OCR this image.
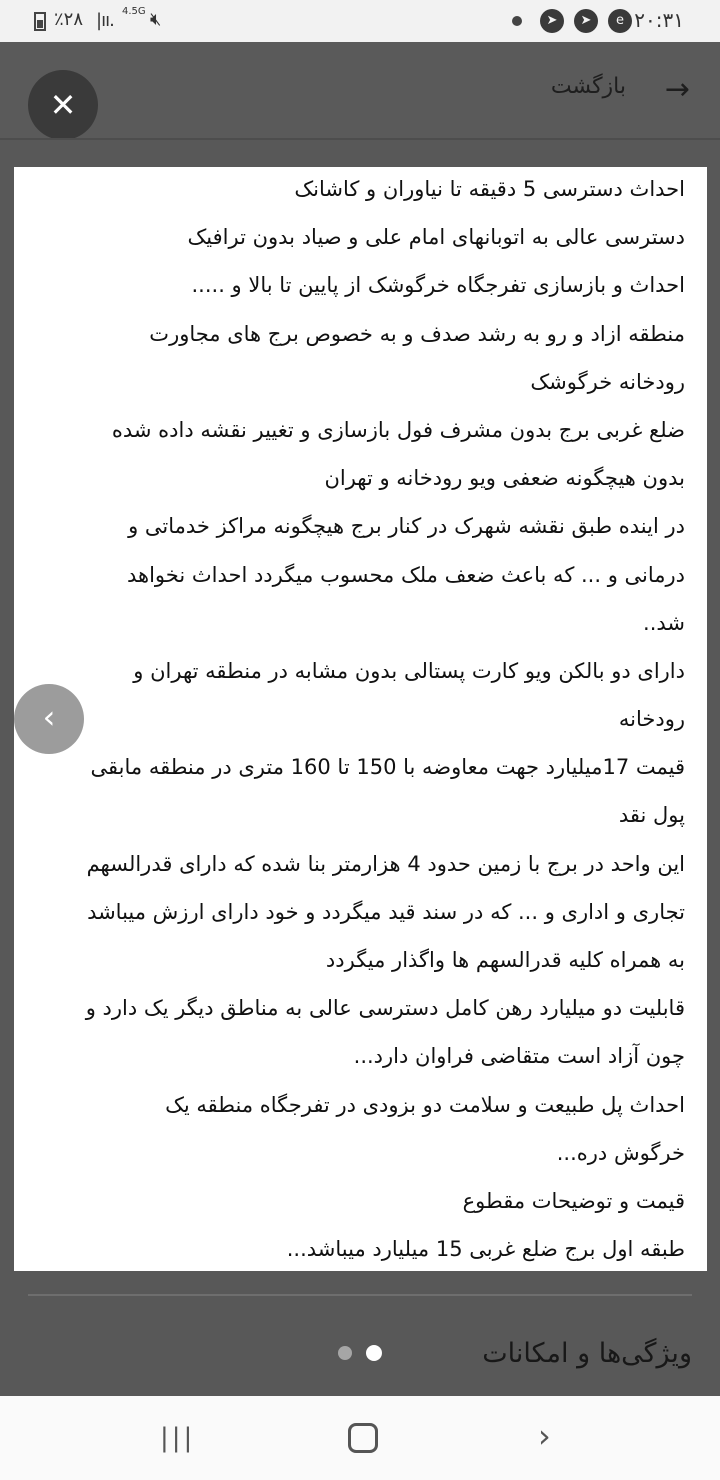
٪۲۸ |ıı. 4.5G 🔇︎	➤	➤	e ۲۰:۳۱
→
بازگشت
✕
احداث دسترسی 5 دقیقه تا نیاوران و کاشانک
دسترسی عالی به اتوبانهای امام علی و صیاد بدون ترافیک
احداث و بازسازی تفرجگاه خرگوشک از پایین تا بالا و .....
منطقه ازاد و رو به رشد صدف و به خصوص برج های مجاورت
رودخانه خرگوشک
ضلع غربی برج بدون مشرف فول بازسازی و تغییر نقشه داده شده
بدون هیچگونه ضعفی ویو رودخانه و تهران
در اینده طبق نقشه شهرک در کنار برج هیچگونه مراکز خدماتی و
درمانی و ... که باعث ضعف ملک محسوب میگردد احداث نخواهد
شد..
دارای دو بالکن ویو کارت پستالی بدون مشابه در منطقه تهران و
رودخانه
قیمت 17میلیارد جهت معاوضه با 150 تا 160 متری در منطقه مابقی
پول نقد
این واحد در برج با زمین حدود 4 هزارمتر بنا شده که دارای قدرالسهم
تجاری و اداری و ... که در سند قید میگردد و خود دارای ارزش میباشد
به همراه کلیه قدرالسهم ها واگذار میگردد
قابلیت دو میلیارد رهن کامل دسترسی عالی به مناطق دیگر یک دارد و
چون آزاد است متقاضی فراوان دارد...
احداث پل طبیعت و سلامت دو بزودی در تفرجگاه منطقه یک
خرگوش دره...
قیمت و توضیحات مقطوع
طبقه اول برج ضلع غربی 15 میلیارد میباشد...
‹
ویژگی‌ها و امکانات
|||	›
